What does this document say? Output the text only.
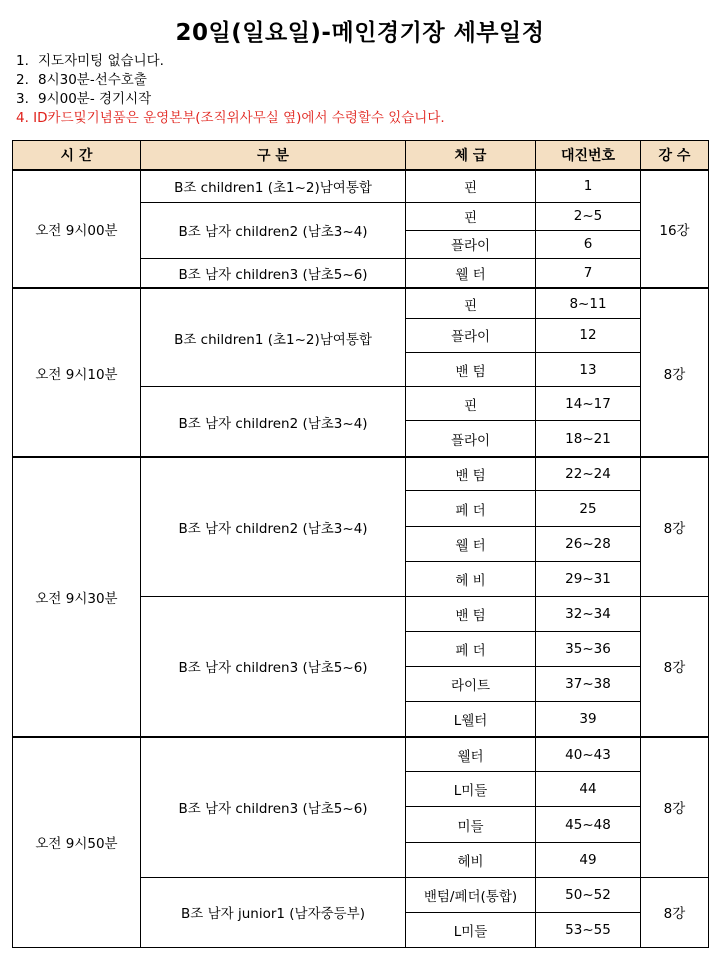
20일(일요일)-메인경기장 세부일정
1. 지도자미팅 없습니다.
2. 8시30분-선수호출
3. 9시00분- 경기시작
4. ID카드및기념품은 운영본부(조직위사무실 옆)에서 수령할수 있습니다.
시 간	구 분	체 급	대진번호	강 수
오전 9시00분	B조 children1 (초1~2)남여통합	핀	1	16강
	B조 남자 children2 (남초3~4)	핀	2~5	
		플라이	6	
	B조 남자 children3 (남초5~6)	웰 터	7	
오전 9시10분	B조 children1 (초1~2)남여통합	핀	8~11	8강
		플라이	12	
		밴 텀	13	
	B조 남자 children2 (남초3~4)	핀	14~17	
		플라이	18~21	
오전 9시30분	B조 남자 children2 (남초3~4)	밴 텀	22~24	8강
		페 더	25	
		웰 터	26~28	
		헤 비	29~31	
	B조 남자 children3 (남초5~6)	밴 텀	32~34	8강
		페 더	35~36	
		라이트	37~38	
		L웰터	39	
오전 9시50분	B조 남자 children3 (남초5~6)	웰터	40~43	8강
		L미들	44	
		미들	45~48	
		헤비	49	
	B조 남자 junior1 (남자중등부)	밴텀/페더(통합)	50~52	8강
		L미들	53~55	
